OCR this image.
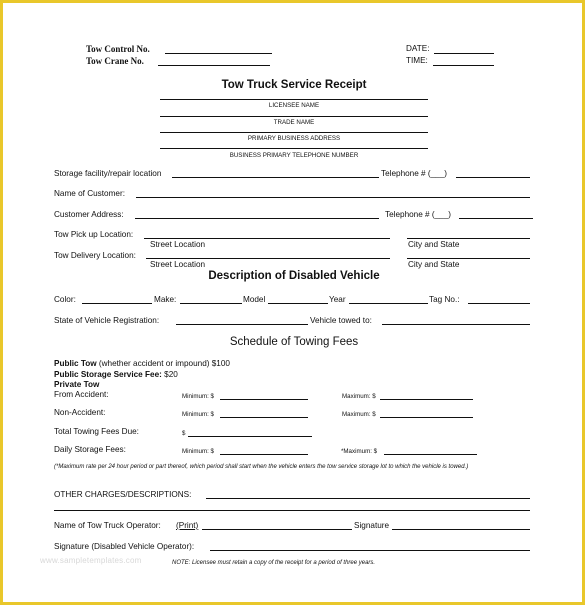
Tow Control No.
Tow Crane No.
DATE:
TIME:
Tow Truck Service Receipt
LICENSEE NAME
TRADE NAME
PRIMARY BUSINESS ADDRESS
BUSINESS PRIMARY TELEPHONE NUMBER
Storage facility/repair location	Telephone # (___)
Name of Customer:
Customer Address:	Telephone # (___)
Tow Pick up Location:
Street Location	City and State
Tow Delivery Location:
Street Location	City and State
Description of Disabled Vehicle
Color:	Make:	Model	Year	Tag No.:
State of Vehicle Registration:	Vehicle towed to:
Schedule of Towing Fees
Public Tow (whether accident or impound) $100
Public Storage Service Fee: $20
Private Tow
From Accident:	Minimum: $	Maximum: $
Non-Accident:	Minimum: $	Maximum: $
Total Towing Fees Due:	$
Daily Storage Fees:	Minimum: $	*Maximum: $
(*Maximum rate per 24 hour period or part thereof, which period shall start when the vehicle enters the tow service storage lot to which the vehicle is towed.)
OTHER CHARGES/DESCRIPTIONS:
Name of Tow Truck Operator: (Print)	Signature
Signature (Disabled Vehicle Operator):
www.sampletemplates.com	NOTE: Licensee must retain a copy of the receipt for a period of three years.
